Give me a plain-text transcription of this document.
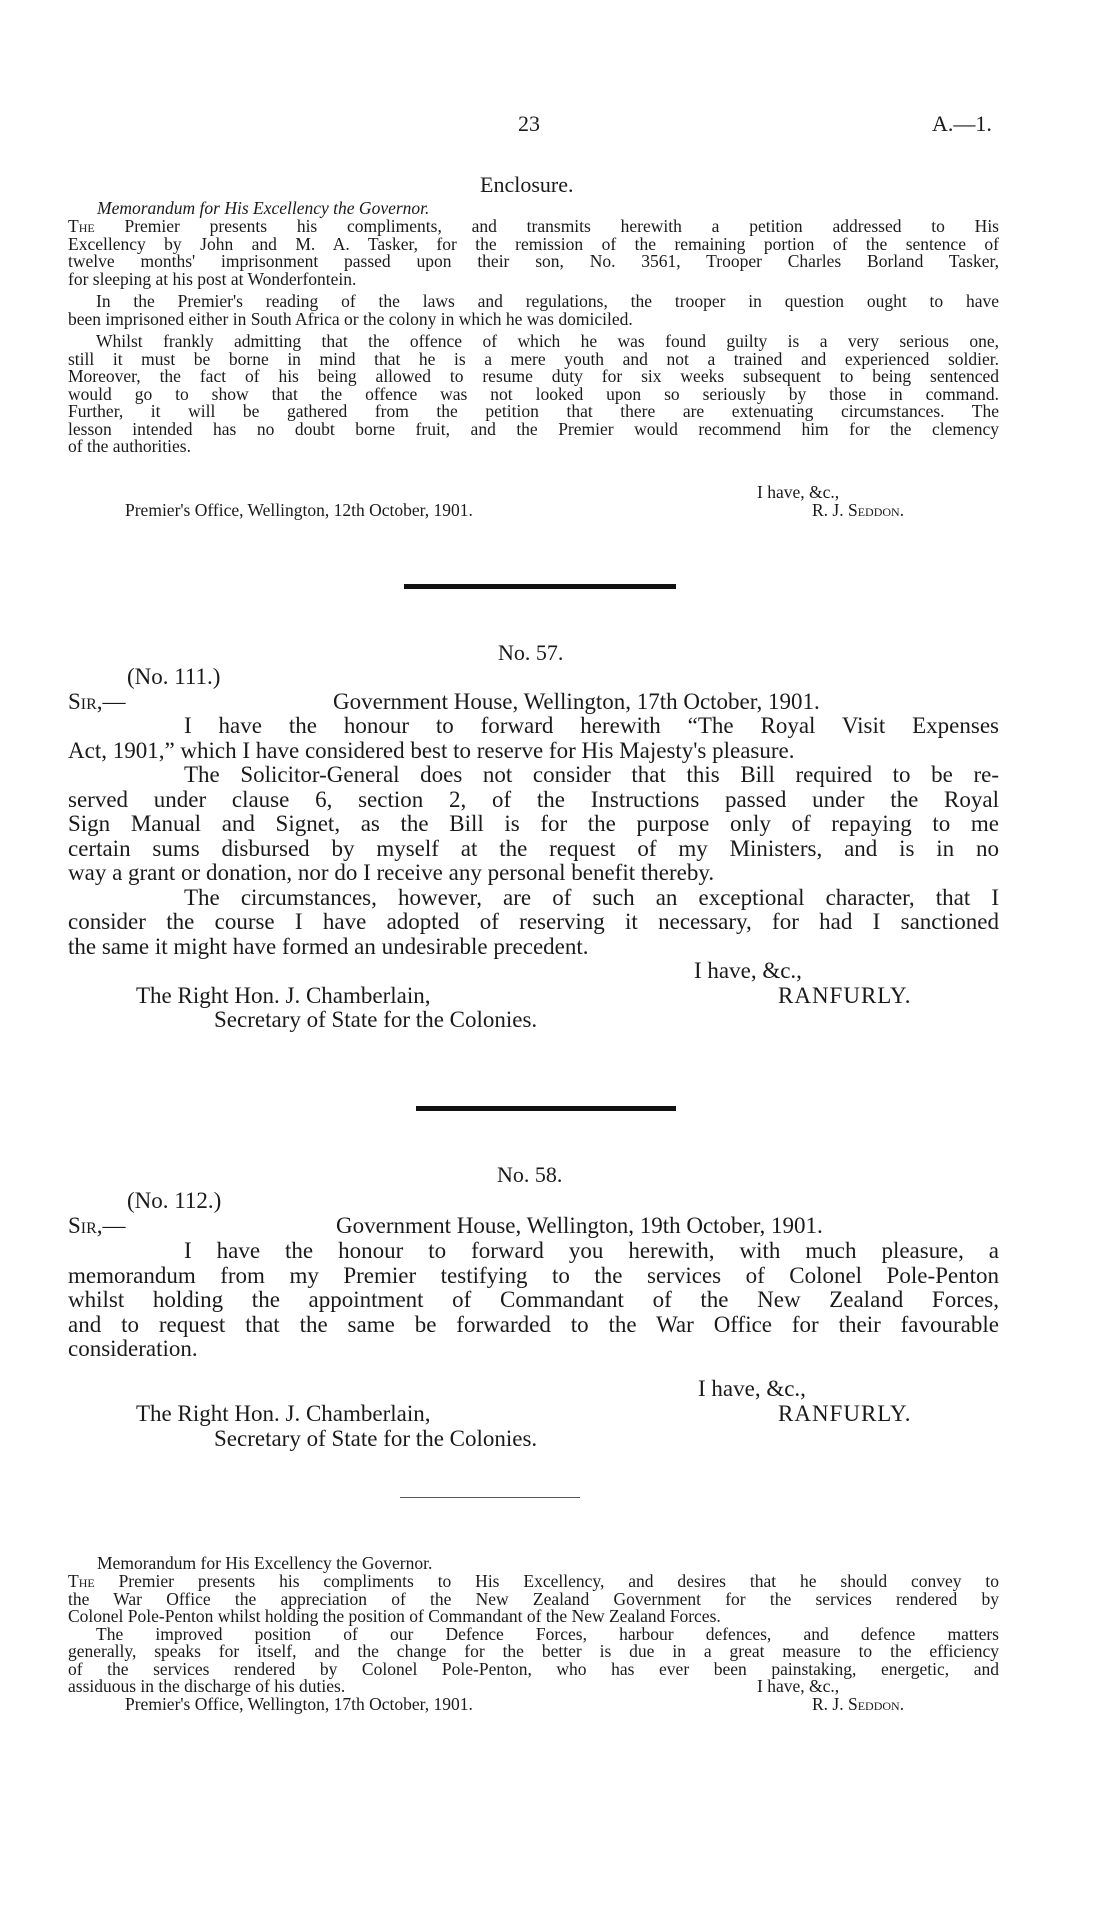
23	A.—1.
Enclosure.
Memorandum for His Excellency the Governor.

The Premier presents his compliments, and transmits herewith a petition addressed to His

Excellency by John and M. A. Tasker, for the remission of the remaining portion of the sentence of

twelve months' imprisonment passed upon their son, No. 3561, Trooper Charles Borland Tasker,

for sleeping at his post at Wonderfontein.

In the Premier's reading of the laws and regulations, the trooper in question ought to have

been imprisoned either in South Africa or the colony in which he was domiciled.

Whilst frankly admitting that the offence of which he was found guilty is a very serious one,

still it must be borne in mind that he is a mere youth and not a trained and experienced soldier.

Moreover, the fact of his being allowed to resume duty for six weeks subsequent to being sentenced

would go to show that the offence was not looked upon so seriously by those in command.

Further, it will be gathered from the petition that there are extenuating circumstances. The

lesson intended has no doubt borne fruit, and the Premier would recommend him for the clemency

of the authorities.

I have, &c.,
Premier's Office, Wellington, 12th October, 1901.	R. J. Seddon.
No. 57.
(No. 111.)
Sir,—	Government House, Wellington, 17th October, 1901.

I have the honour to forward herewith “The Royal Visit Expenses

Act, 1901,” which I have considered best to reserve for His Majesty's pleasure.

The Solicitor-General does not consider that this Bill required to be re-

served under clause 6, section 2, of the Instructions passed under the Royal

Sign Manual and Signet, as the Bill is for the purpose only of repaying to me

certain sums disbursed by myself at the request of my Ministers, and is in no

way a grant or donation, nor do I receive any personal benefit thereby.

The circumstances, however, are of such an exceptional character, that I

consider the course I have adopted of reserving it necessary, for had I sanctioned

the same it might have formed an undesirable precedent.

I have, &c.,
The Right Hon. J. Chamberlain,	RANFURLY.
Secretary of State for the Colonies.
No. 58.
(No. 112.)
Sir,—	Government House, Wellington, 19th October, 1901.

I have the honour to forward you herewith, with much pleasure, a

memorandum from my Premier testifying to the services of Colonel Pole-Penton

whilst holding the appointment of Commandant of the New Zealand Forces,

and to request that the same be forwarded to the War Office for their favourable

consideration.

I have, &c.,
The Right Hon. J. Chamberlain,	RANFURLY.
Secretary of State for the Colonies.
Memorandum for His Excellency the Governor.

The Premier presents his compliments to His Excellency, and desires that he should convey to

the War Office the appreciation of the New Zealand Government for the services rendered by

Colonel Pole-Penton whilst holding the position of Commandant of the New Zealand Forces.

The improved position of our Defence Forces, harbour defences, and defence matters

generally, speaks for itself, and the change for the better is due in a great measure to the efficiency

of the services rendered by Colonel Pole-Penton, who has ever been painstaking, energetic, and

assiduous in the discharge of his duties.	I have, &c.,
Premier's Office, Wellington, 17th October, 1901.	R. J. Seddon.
